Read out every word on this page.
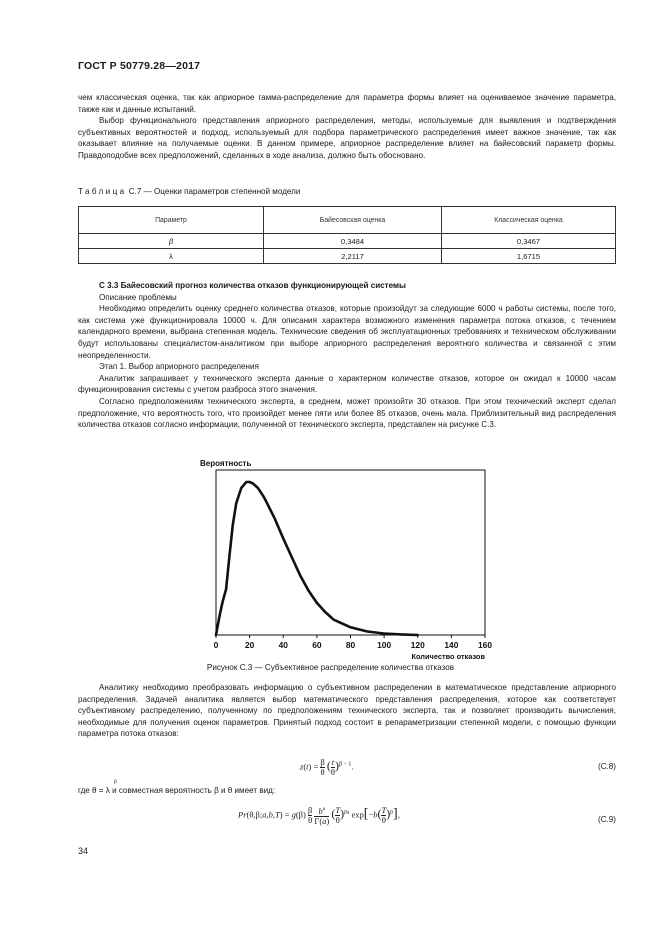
ГОСТ Р 50779.28—2017

чем классическая оценка, так как априорное гамма-распределение для параметра формы влияет на оцениваемое значение параметра, также как и данные испытаний.

Выбор функционального представления априорного распределения, методы, используемые для выявления и подтверждения субъективных вероятностей и подход, используемый для подбора параметрического распределения имеет важное значение, так как оказывает влияние на получаемые оценки. В данном примере, априорное распределение влияет на байесовский параметр формы. Правдоподобие всех предположений, сделанных в ходе анализа, должно быть обосновано.

Таблица С.7 — Оценки параметров степенной модели
Параметр	Байесовская оценка	Классическая оценка
β	0,3484	0,3467
λ	2,2117	1,6715

С 3.3 Байесовский прогноз количества отказов функционирующей системы

Описание проблемы

Необходимо определить оценку среднего количества отказов, которые произойдут за следующие 6000 ч работы системы, после того, как система уже функционировала 10000 ч. Для описания характера возможного изменения параметра потока отказов, с течением календарного времени, выбрана степенная модель. Технические сведения об эксплуатационных требованиях и техническом обслуживании будут использованы специалистом-аналитиком при выборе априорного распределения вероятного количества и связанной с этим неопределенности.

Этап 1. Выбор априорного распределения

Аналитик запрашивает у технического эксперта данные о характерном количестве отказов, которое он ожидал к 10000 часам функционирования системы с учетом разброса этого значения.

Согласно предположениям технического эксперта, в среднем, может произойти 30 отказов. При этом технический эксперт сделал предположение, что вероятность того, что произойдет менее пяти или более 85 отказов, очень мала. Приблизительный вид распределения количества отказов согласно информации, полученной от технического эксперта, представлен на рисунке С.3.

Вероятность
0	20	40	60	80	100 120 140 160
Количество отказов
Рисунок С.3 — Субъективное распределение количества отказов

Аналитику необходимо преобразовать информацию о субъективном распределении в математическое представление априорного распределения. Задачей аналитика является выбор математического представления распределения, которое как соответствует субъективному распределению, полученному по предположениям технического эксперта, так и позволяет производить вычисления, необходимые для получения оценок параметров. Принятый подход состоит в репараметризации степенной модели, с помощью функции параметра потока отказов:

$z(t) = \frac{\beta}{\theta}$ ( $\frac{t}{\theta} )^{\beta - 1}$.	(С.8)
где θ = λ и совместная вероятность β и θ имеет вид:
β
Pr(θ,β;a,b,T) = $g(\beta) \frac{\beta}{\theta}$
$\frac{b^a}{\Gamma(a)}$ ( $\frac{T}{\theta} )^{\beta a}$ $\exp[-b( \frac{T}{\theta} )^\beta]$,
(С.9)
34
